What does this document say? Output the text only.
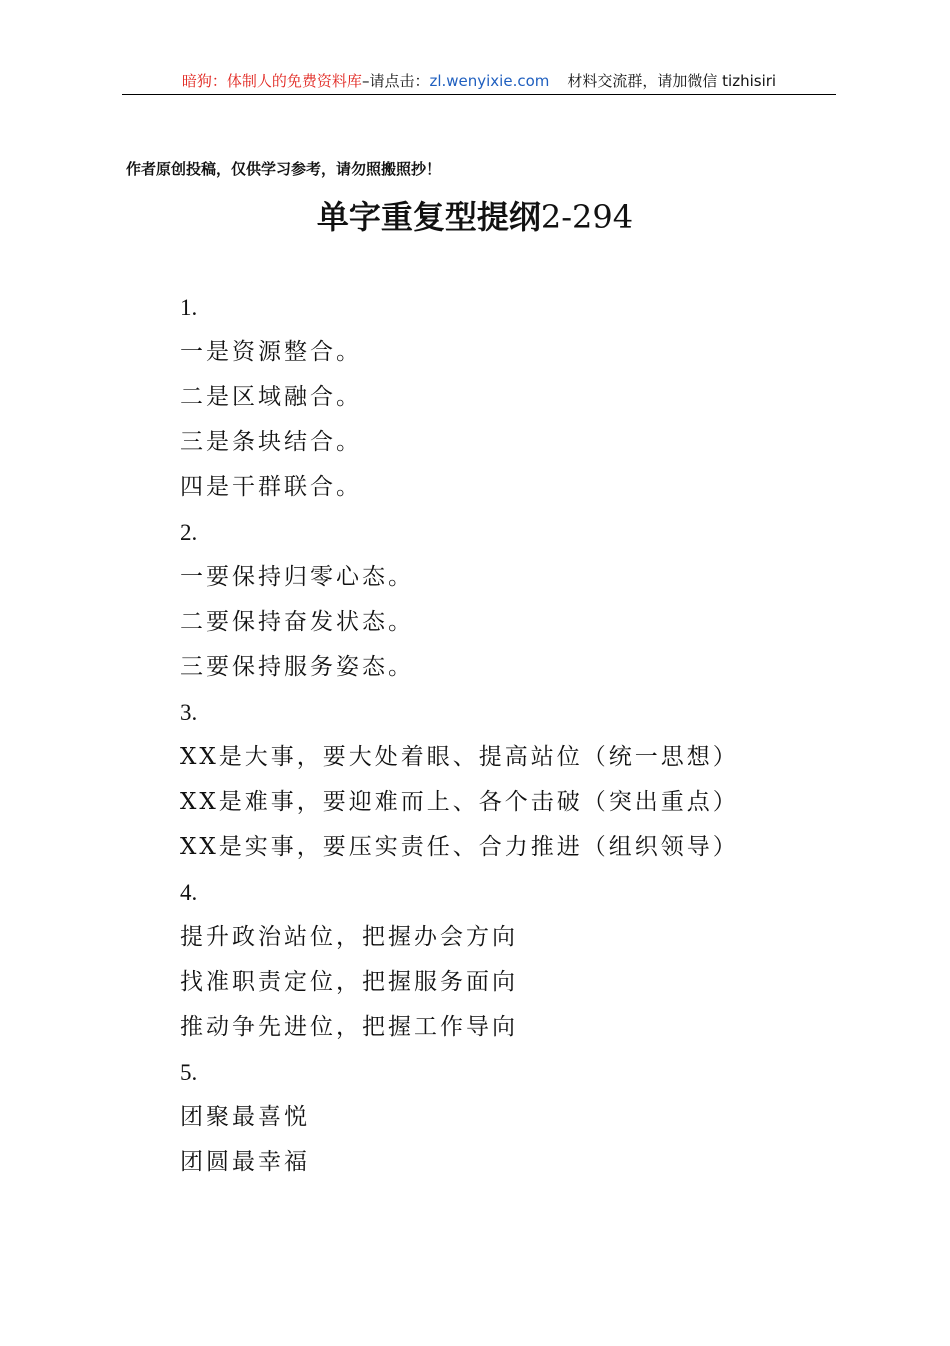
暗狗：体制人的免费资料库–请点击：zl.wenyixie.com 材料交流群，请加微信 tizhisiri
作者原创投稿，仅供学习参考，请勿照搬照抄！
单字重复型提纲2-294
1.
一是资源整合。
二是区域融合。
三是条块结合。
四是干群联合。
2.
一要保持归零心态。
二要保持奋发状态。
三要保持服务姿态。
3.
XX是大事，要大处着眼、提高站位（统一思想）
XX是难事，要迎难而上、各个击破（突出重点）
XX是实事，要压实责任、合力推进（组织领导）
4.
提升政治站位，把握办会方向
找准职责定位，把握服务面向
推动争先进位，把握工作导向
5.
团聚最喜悦
团圆最幸福
